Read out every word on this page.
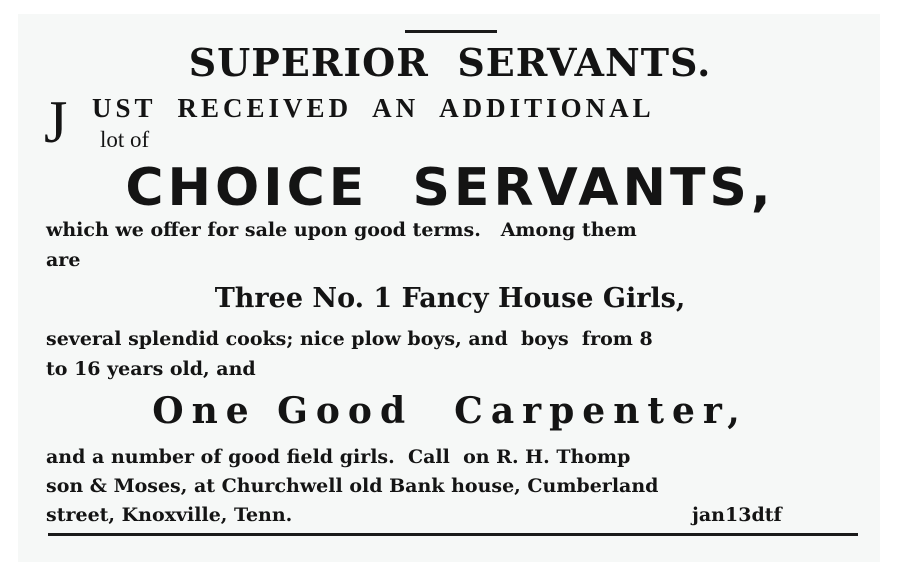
SUPERIOR  SERVANTS.
J UST  RECEIVED  AN  ADDITIONAL
lot of
CHOICE  SERVANTS,
which we offer for sale upon good terms.   Among them
are
Three No. 1 Fancy House Girls,
several splendid cooks; nice plow boys, and  boys  from 8
to 16 years old, and
One Good  Carpenter,
and a number of good field girls.  Call  on R. H. Thomp
son & Moses, at Churchwell old Bank house, Cumberland
street, Knoxville, Tenn.	jan13dtf
